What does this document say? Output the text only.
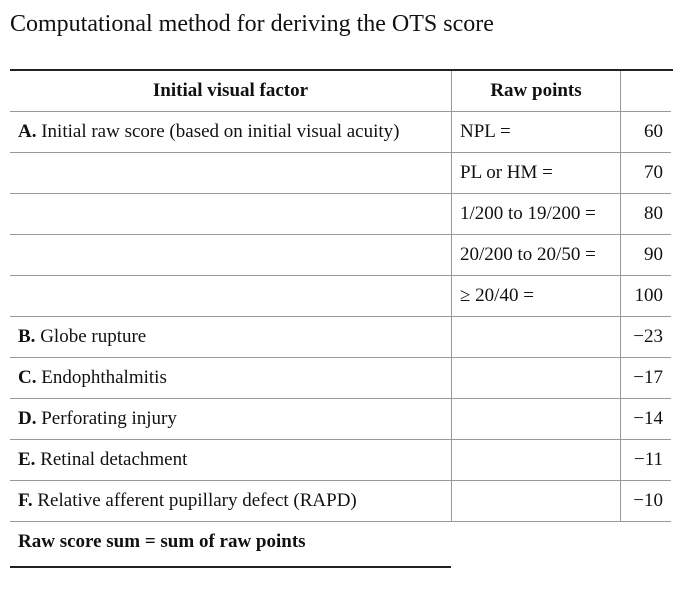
Computational method for deriving the OTS score
Initial visual factor	Raw points	
A. Initial raw score (based on initial visual acuity)	NPL =	60
	PL or HM =	70
	1/200 to 19/200 =	80
	20/200 to 20/50 =	90
	≥ 20/40 =	100
B. Globe rupture		−23
C. Endophthalmitis		−17
D. Perforating injury		−14
E. Retinal detachment		−11
F. Relative afferent pupillary defect (RAPD)		−10
Raw score sum = sum of raw points		
